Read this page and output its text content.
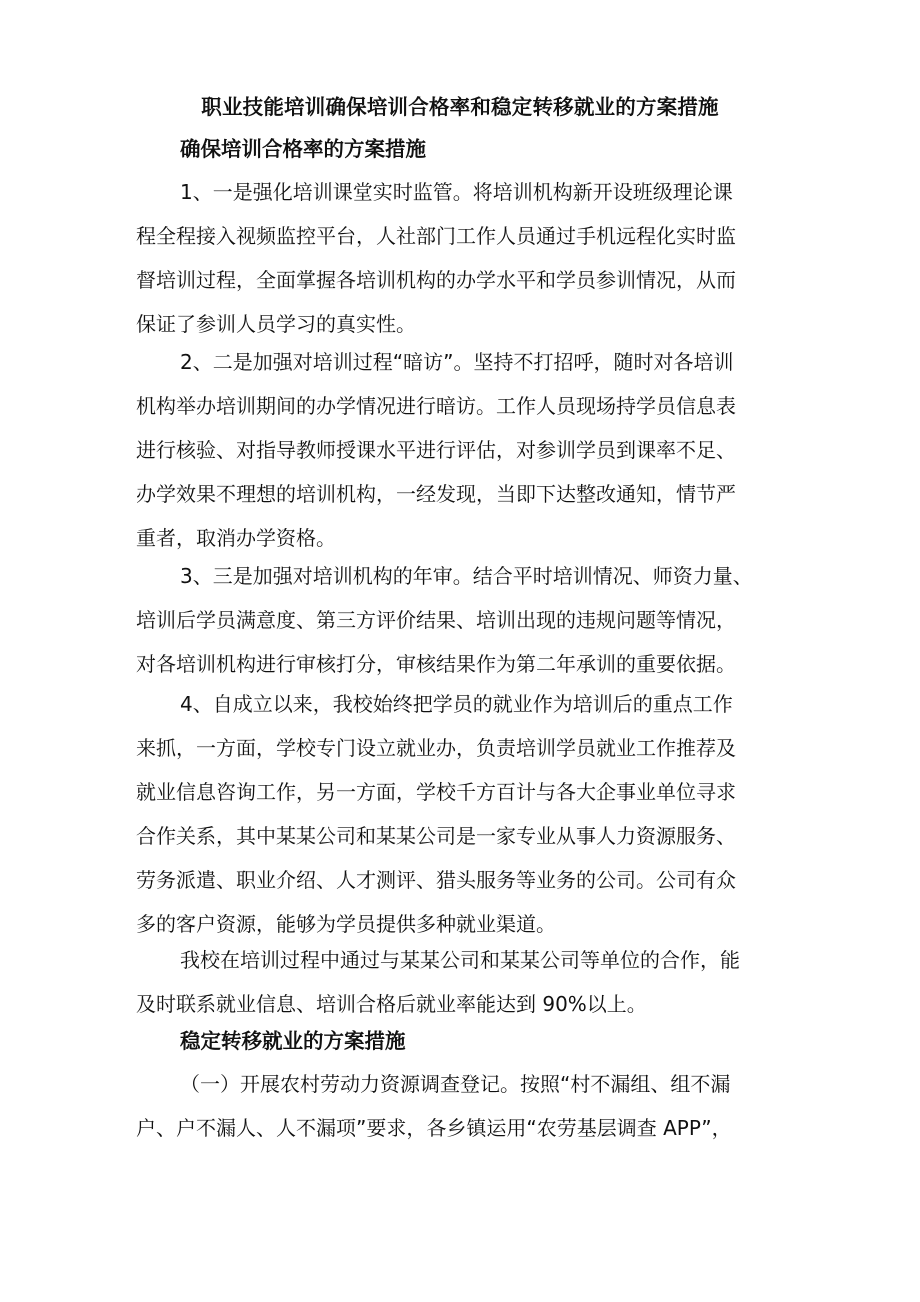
职业技能培训确保培训合格率和稳定转移就业的方案措施
确保培训合格率的方案措施
1、一是强化培训课堂实时监管。将培训机构新开设班级理论课
程全程接入视频监控平台，人社部门工作人员通过手机远程化实时监
督培训过程，全面掌握各培训机构的办学水平和学员参训情况，从而
保证了参训人员学习的真实性。
2、二是加强对培训过程“暗访”。坚持不打招呼，随时对各培训
机构举办培训期间的办学情况进行暗访。工作人员现场持学员信息表
进行核验、对指导教师授课水平进行评估，对参训学员到课率不足、
办学效果不理想的培训机构，一经发现，当即下达整改通知，情节严
重者，取消办学资格。
3、三是加强对培训机构的年审。结合平时培训情况、师资力量、
培训后学员满意度、第三方评价结果、培训出现的违规问题等情况，
对各培训机构进行审核打分，审核结果作为第二年承训的重要依据。
4、自成立以来，我校始终把学员的就业作为培训后的重点工作
来抓，一方面，学校专门设立就业办，负责培训学员就业工作推荐及
就业信息咨询工作，另一方面，学校千方百计与各大企事业单位寻求
合作关系，其中某某公司和某某公司是一家专业从事人力资源服务、
劳务派遣、职业介绍、人才测评、猎头服务等业务的公司。公司有众
多的客户资源，能够为学员提供多种就业渠道。
我校在培训过程中通过与某某公司和某某公司等单位的合作，能
及时联系就业信息、培训合格后就业率能达到 90%以上。
稳定转移就业的方案措施
（一）开展农村劳动力资源调查登记。按照“村不漏组、组不漏
户、户不漏人、人不漏项”要求，各乡镇运用“农劳基层调查 APP”，
